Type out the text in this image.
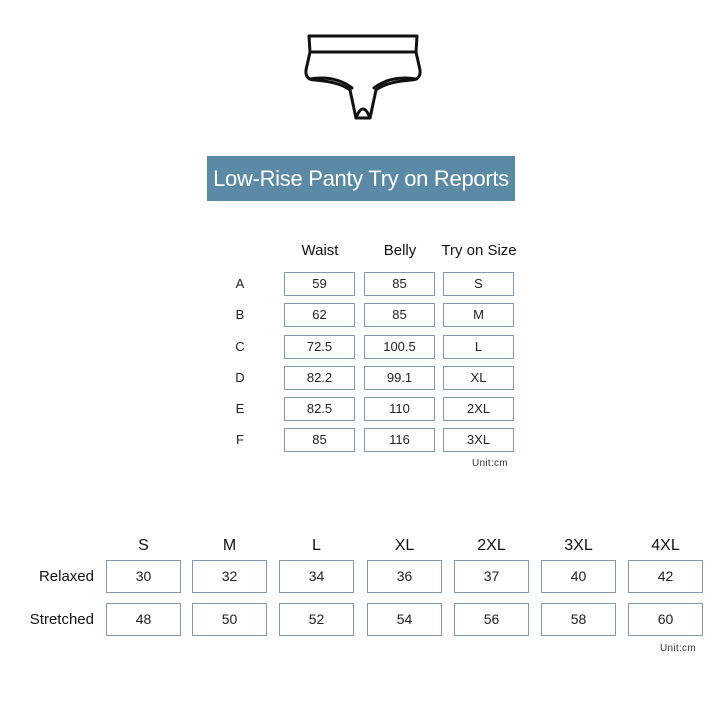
Low-Rise Panty Try on Reports
Waist	Belly	Try on Size
A	59	85	S
B	62	85	M
C	72.5	100.5	L
D	82.2	99.1	XL
E	82.5	110	2XL
F	85	116	3XL
Unit:cm
S	M	L	XL	2XL	3XL	4XL
Relaxed	30	32	34	36	37	40	42
Stretched	48	50	52	54	56	58	60
Unit:cm
